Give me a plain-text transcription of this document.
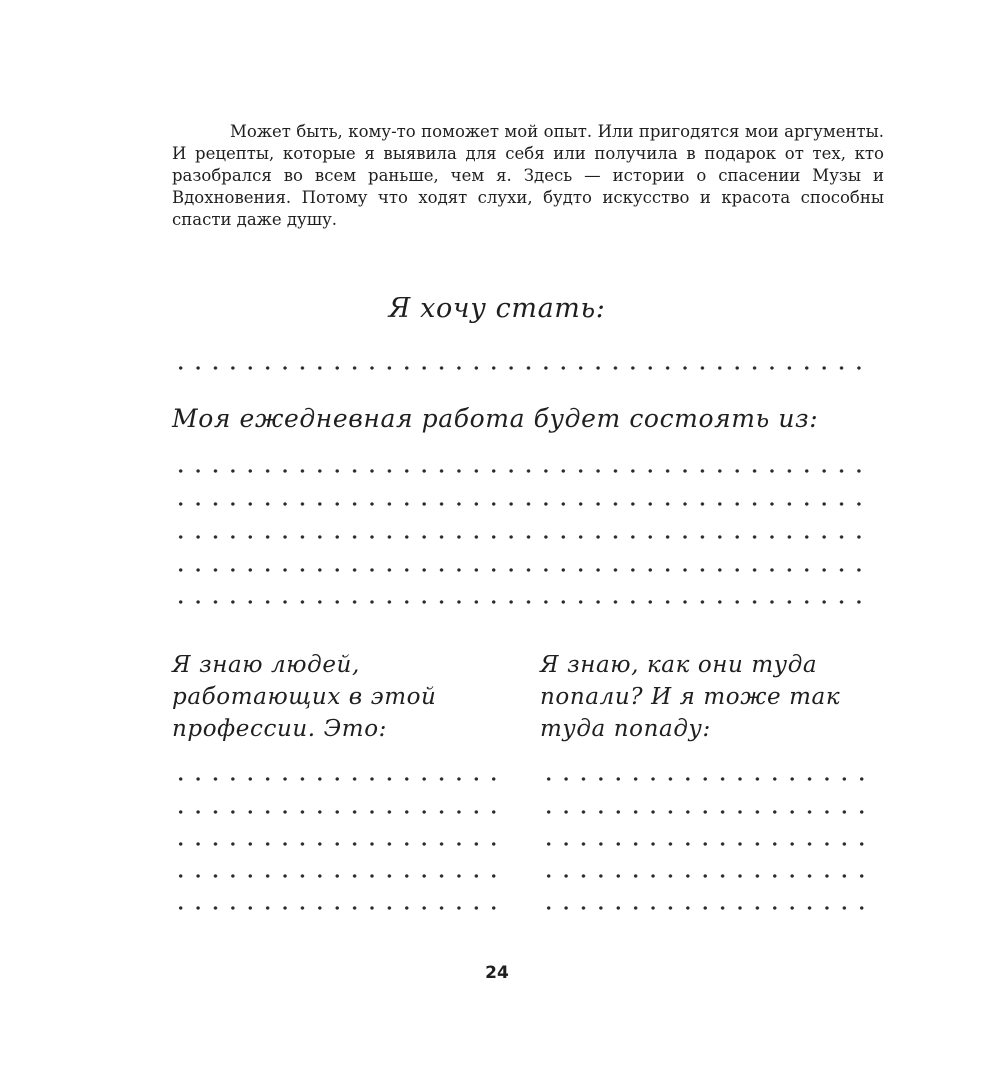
Может быть, кому-то поможет мой опыт. Или пригодятся мои аргументы. И рецепты, которые я выявила для себя или получила в подарок от тех, кто разобрался во всем раньше, чем я. Здесь — истории о спасении Музы и Вдохновения. Потому что ходят слухи, будто искусство и красота способны спасти даже душу.

Я хочу стать:
Моя ежедневная работа будет состоять из:
Я знаю людей, работающих в этой профессии. Это:
Я знаю, как они туда попали? И я тоже так туда попаду:
24
